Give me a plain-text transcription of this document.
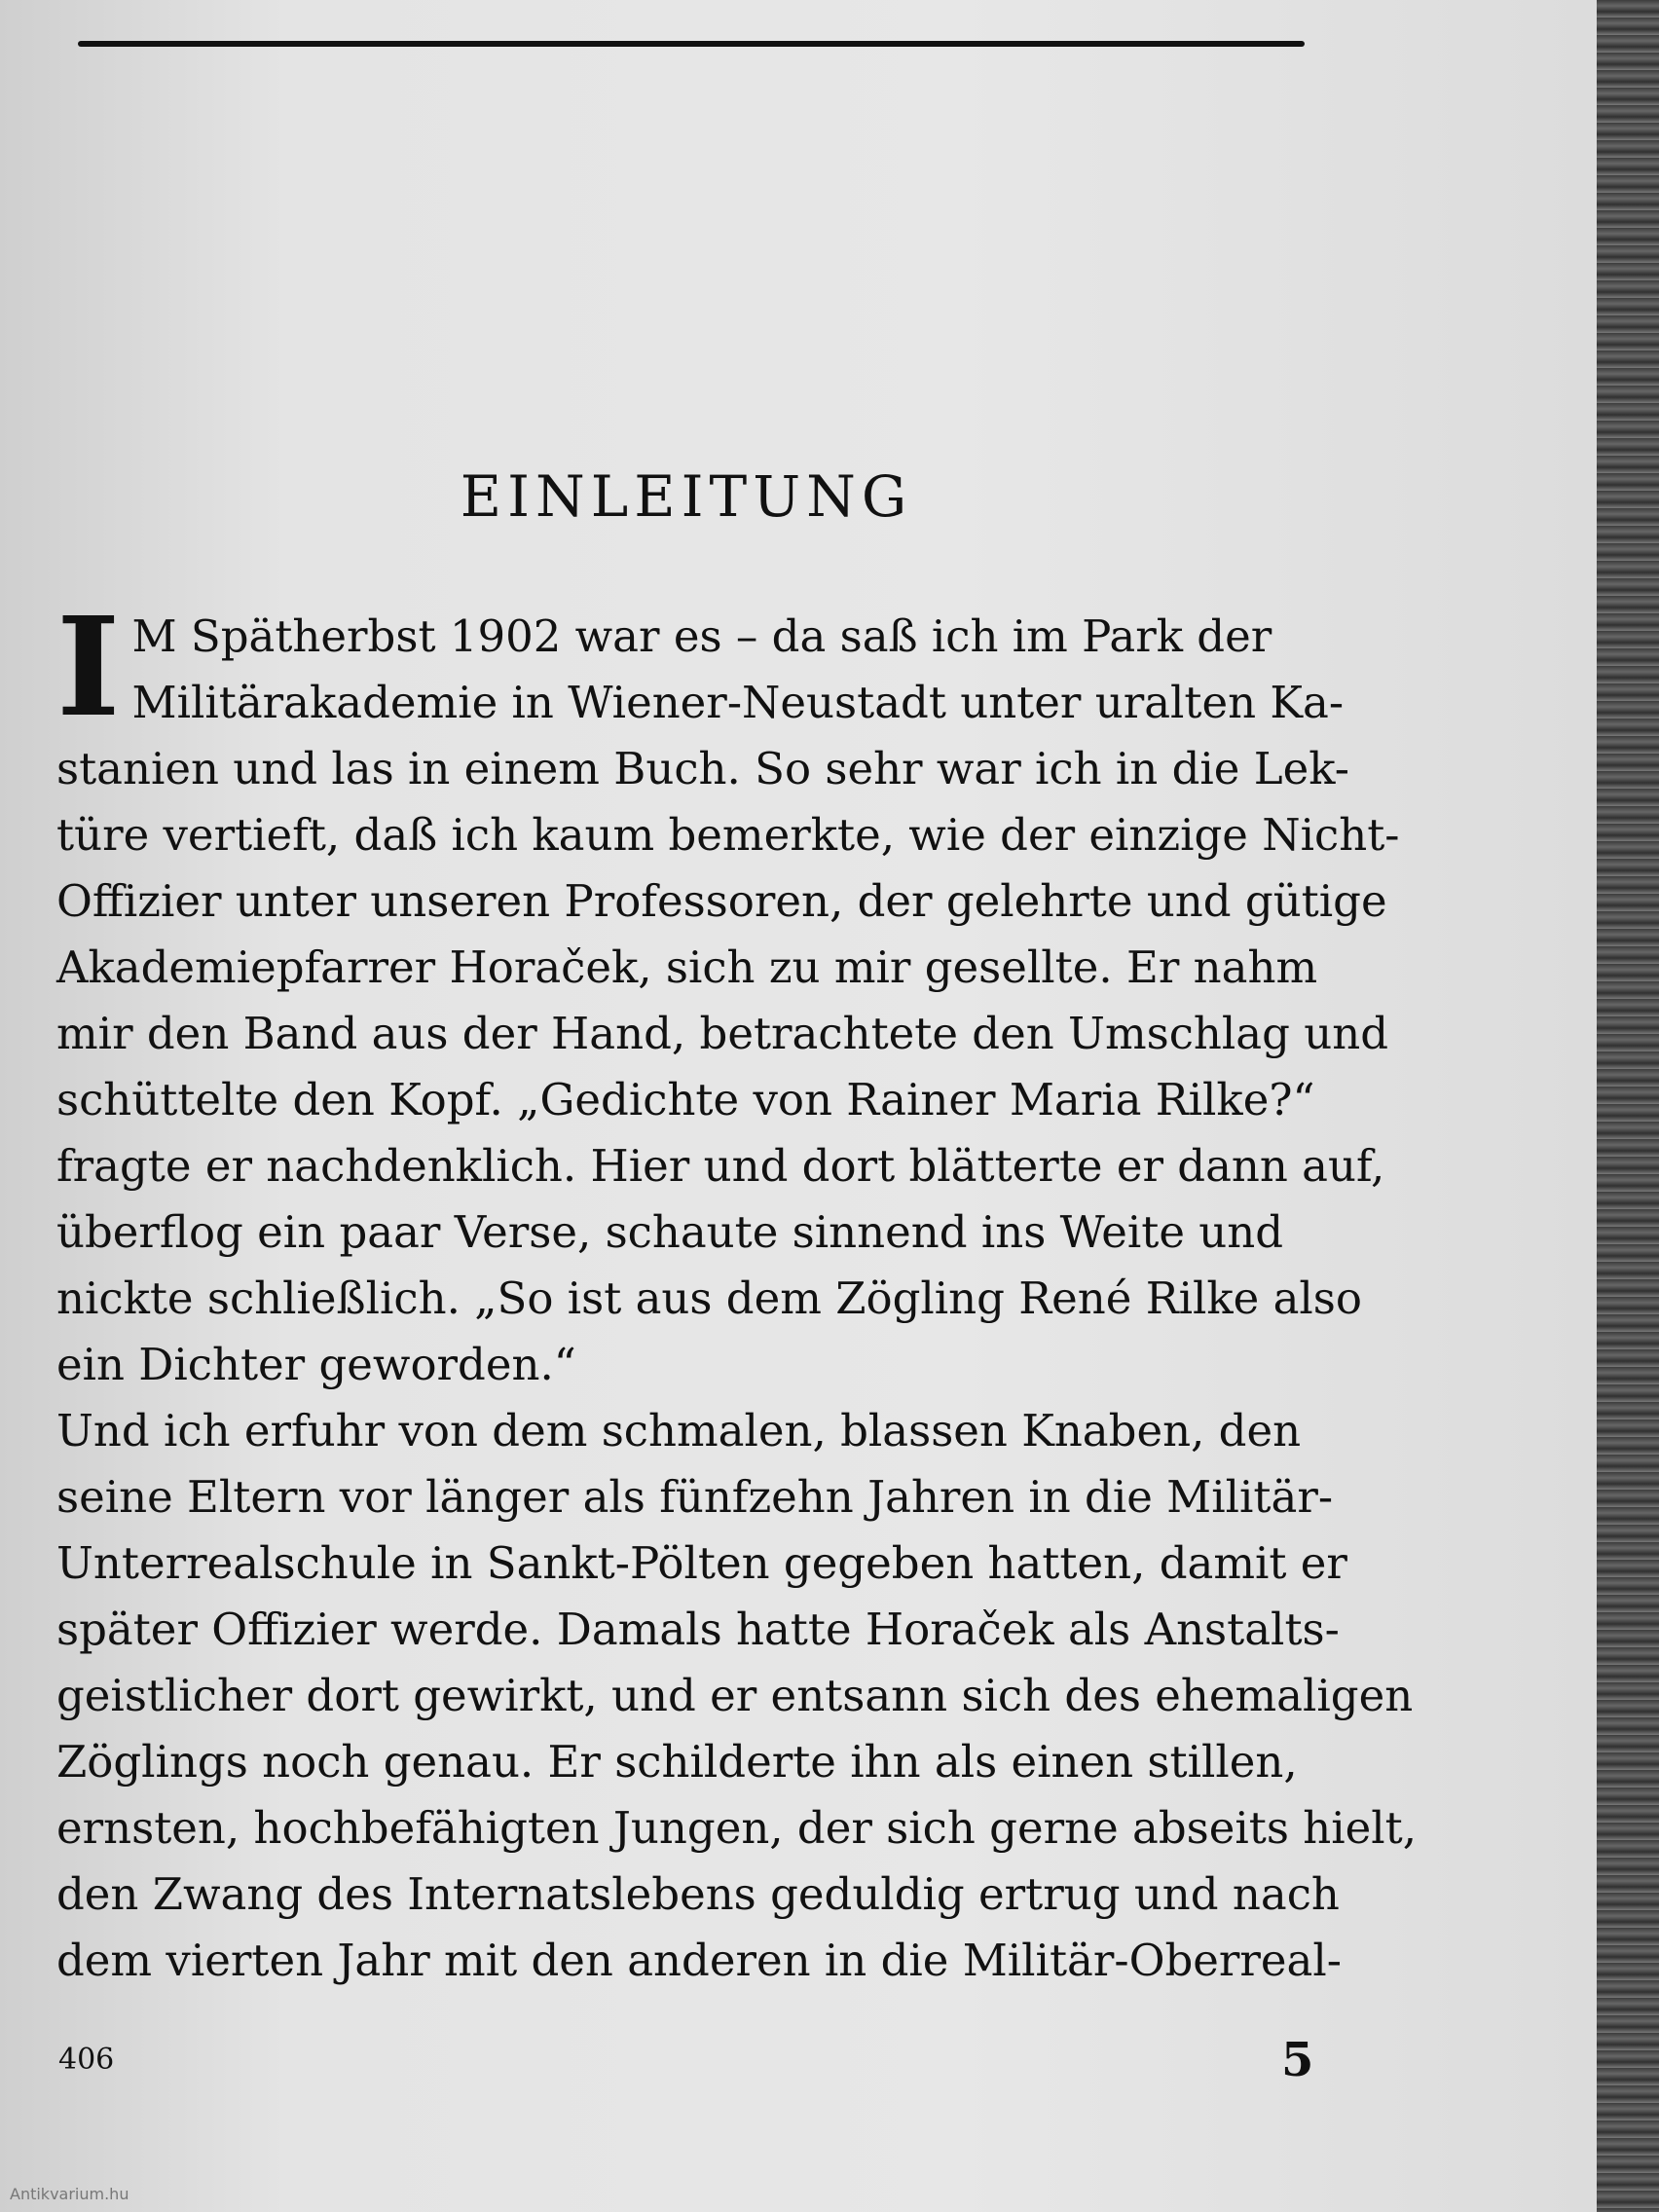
EINLEITUNG
I M Spätherbst 1902 war es – da saß ich im Park der
Militärakademie in Wiener-Neustadt unter uralten Ka-
stanien und las in einem Buch. So sehr war ich in die Lek-
türe vertieft, daß ich kaum bemerkte, wie der einzige Nicht-
Offizier unter unseren Professoren, der gelehrte und gütige
Akademiepfarrer Horaček, sich zu mir gesellte. Er nahm
mir den Band aus der Hand, betrachtete den Umschlag und
schüttelte den Kopf. „Gedichte von Rainer Maria Rilke?“
fragte er nachdenklich. Hier und dort blätterte er dann auf,
überflog ein paar Verse, schaute sinnend ins Weite und
nickte schließlich. „So ist aus dem Zögling René Rilke also
ein Dichter geworden.“
Und ich erfuhr von dem schmalen, blassen Knaben, den
seine Eltern vor länger als fünfzehn Jahren in die Militär-
Unterrealschule in Sankt-Pölten gegeben hatten, damit er
später Offizier werde. Damals hatte Horaček als Anstalts-
geistlicher dort gewirkt, und er entsann sich des ehemaligen
Zöglings noch genau. Er schilderte ihn als einen stillen,
ernsten, hochbefähigten Jungen, der sich gerne abseits hielt,
den Zwang des Internatslebens geduldig ertrug und nach
dem vierten Jahr mit den anderen in die Militär-Oberreal-
406	5
Antikvarium.hu
